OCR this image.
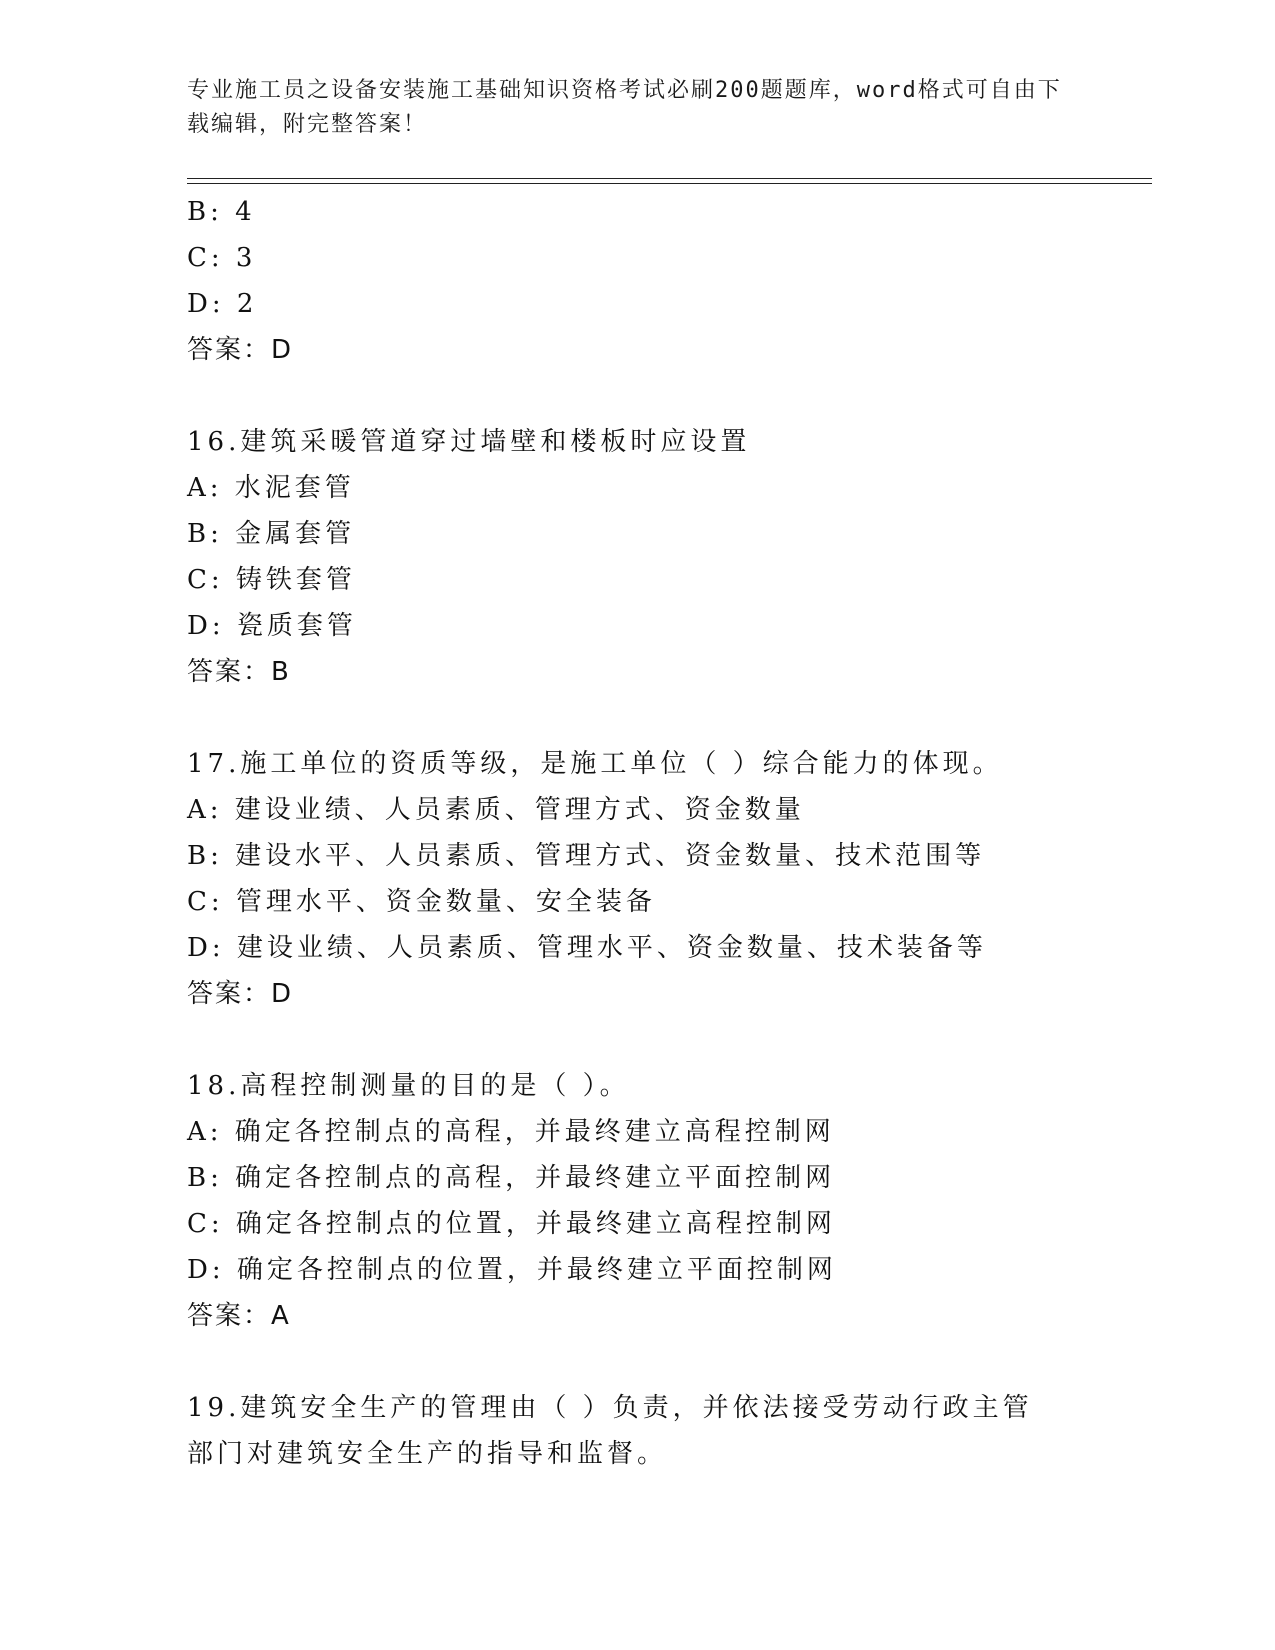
专业施工员之设备安装施工基础知识资格考试必刷200题题库，word格式可自由下载编辑，附完整答案！
B: 4
C: 3
D: 2
答案：D
16.建筑采暖管道穿过墙壁和楼板时应设置
A: 水泥套管
B: 金属套管
C: 铸铁套管
D: 瓷质套管
答案：B
17.施工单位的资质等级，是施工单位（ ）综合能力的体现。
A: 建设业绩、人员素质、管理方式、资金数量
B: 建设水平、人员素质、管理方式、资金数量、技术范围等
C: 管理水平、资金数量、安全装备
D: 建设业绩、人员素质、管理水平、资金数量、技术装备等
答案：D
18.高程控制测量的目的是（ ）。
A: 确定各控制点的高程，并最终建立高程控制网
B: 确定各控制点的高程，并最终建立平面控制网
C: 确定各控制点的位置，并最终建立高程控制网
D: 确定各控制点的位置，并最终建立平面控制网
答案：A
19.建筑安全生产的管理由（ ）负责，并依法接受劳动行政主管部门对建筑安全生产的指导和监督。
